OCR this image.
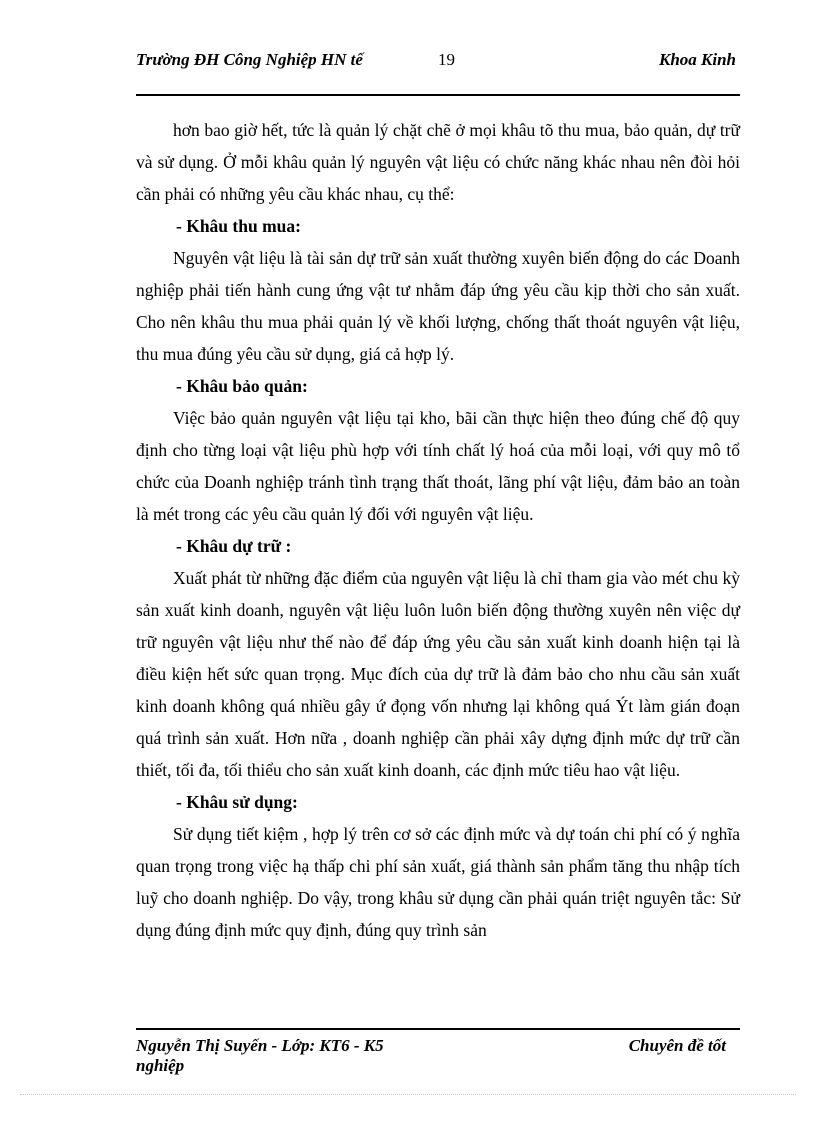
Trường ĐH Công Nghiệp HN tế	19	Khoa Kinh

hơn bao giờ hết, tức là quản lý chặt chẽ ở mọi khâu tõ thu mua, bảo quản, dự trữ và sử dụng. Ở mỗi khâu quản lý nguyên vật liệu có chức năng khác nhau nên đòi hỏi cần phải có những yêu cầu khác nhau, cụ thể:

- Khâu thu mua:

Nguyên vật liệu là tài sản dự trữ sản xuất thường xuyên biến động do các Doanh nghiệp phải tiến hành cung ứng vật tư nhằm đáp ứng yêu cầu kịp thời cho sản xuất. Cho nên khâu thu mua phải quản lý về khối lượng, chống thất thoát nguyên vật liệu, thu mua đúng yêu cầu sử dụng, giá cả hợp lý.

- Khâu bảo quản:

Việc bảo quản nguyên vật liệu tại kho, bãi cần thực hiện theo đúng chế độ quy định cho từng loại vật liệu phù hợp với tính chất lý hoá của mỗi loại, với quy mô tổ chức của Doanh nghiệp tránh tình trạng thất thoát, lãng phí vật liệu, đảm bảo an toàn là mét trong các yêu cầu quản lý đối với nguyên vật liệu.

- Khâu dự trữ :

Xuất phát từ những đặc điểm của nguyên vật liệu là chỉ tham gia vào mét chu kỳ sản xuất kinh doanh, nguyên vật liệu luôn luôn biến động thường xuyên nên việc dự trữ nguyên vật liệu như thế nào để đáp ứng yêu cầu sản xuất kinh doanh hiện tại là điều kiện hết sức quan trọng. Mục đích của dự trữ là đảm bảo cho nhu cầu sản xuất kinh doanh không quá nhiều gây ứ đọng vốn nhưng lại không quá Ýt làm gián đoạn quá trình sản xuất. Hơn nữa , doanh nghiệp cần phải xây dựng định mức dự trữ cần thiết, tối đa, tối thiểu cho sản xuất kinh doanh, các định mức tiêu hao vật liệu.

- Khâu sử dụng:

Sử dụng tiết kiệm , hợp lý trên cơ sở các định mức và dự toán chi phí có ý nghĩa quan trọng trong việc hạ thấp chi phí sản xuất, giá thành sản phẩm tăng thu nhập tích luỹ cho doanh nghiệp. Do vậy, trong khâu sử dụng cần phải quán triệt nguyên tắc: Sử dụng đúng định mức quy định, đúng quy trình sản

Nguyễn Thị Suyến - Lớp: KT6 - K5 nghiệp
Chuyên đề tốt
